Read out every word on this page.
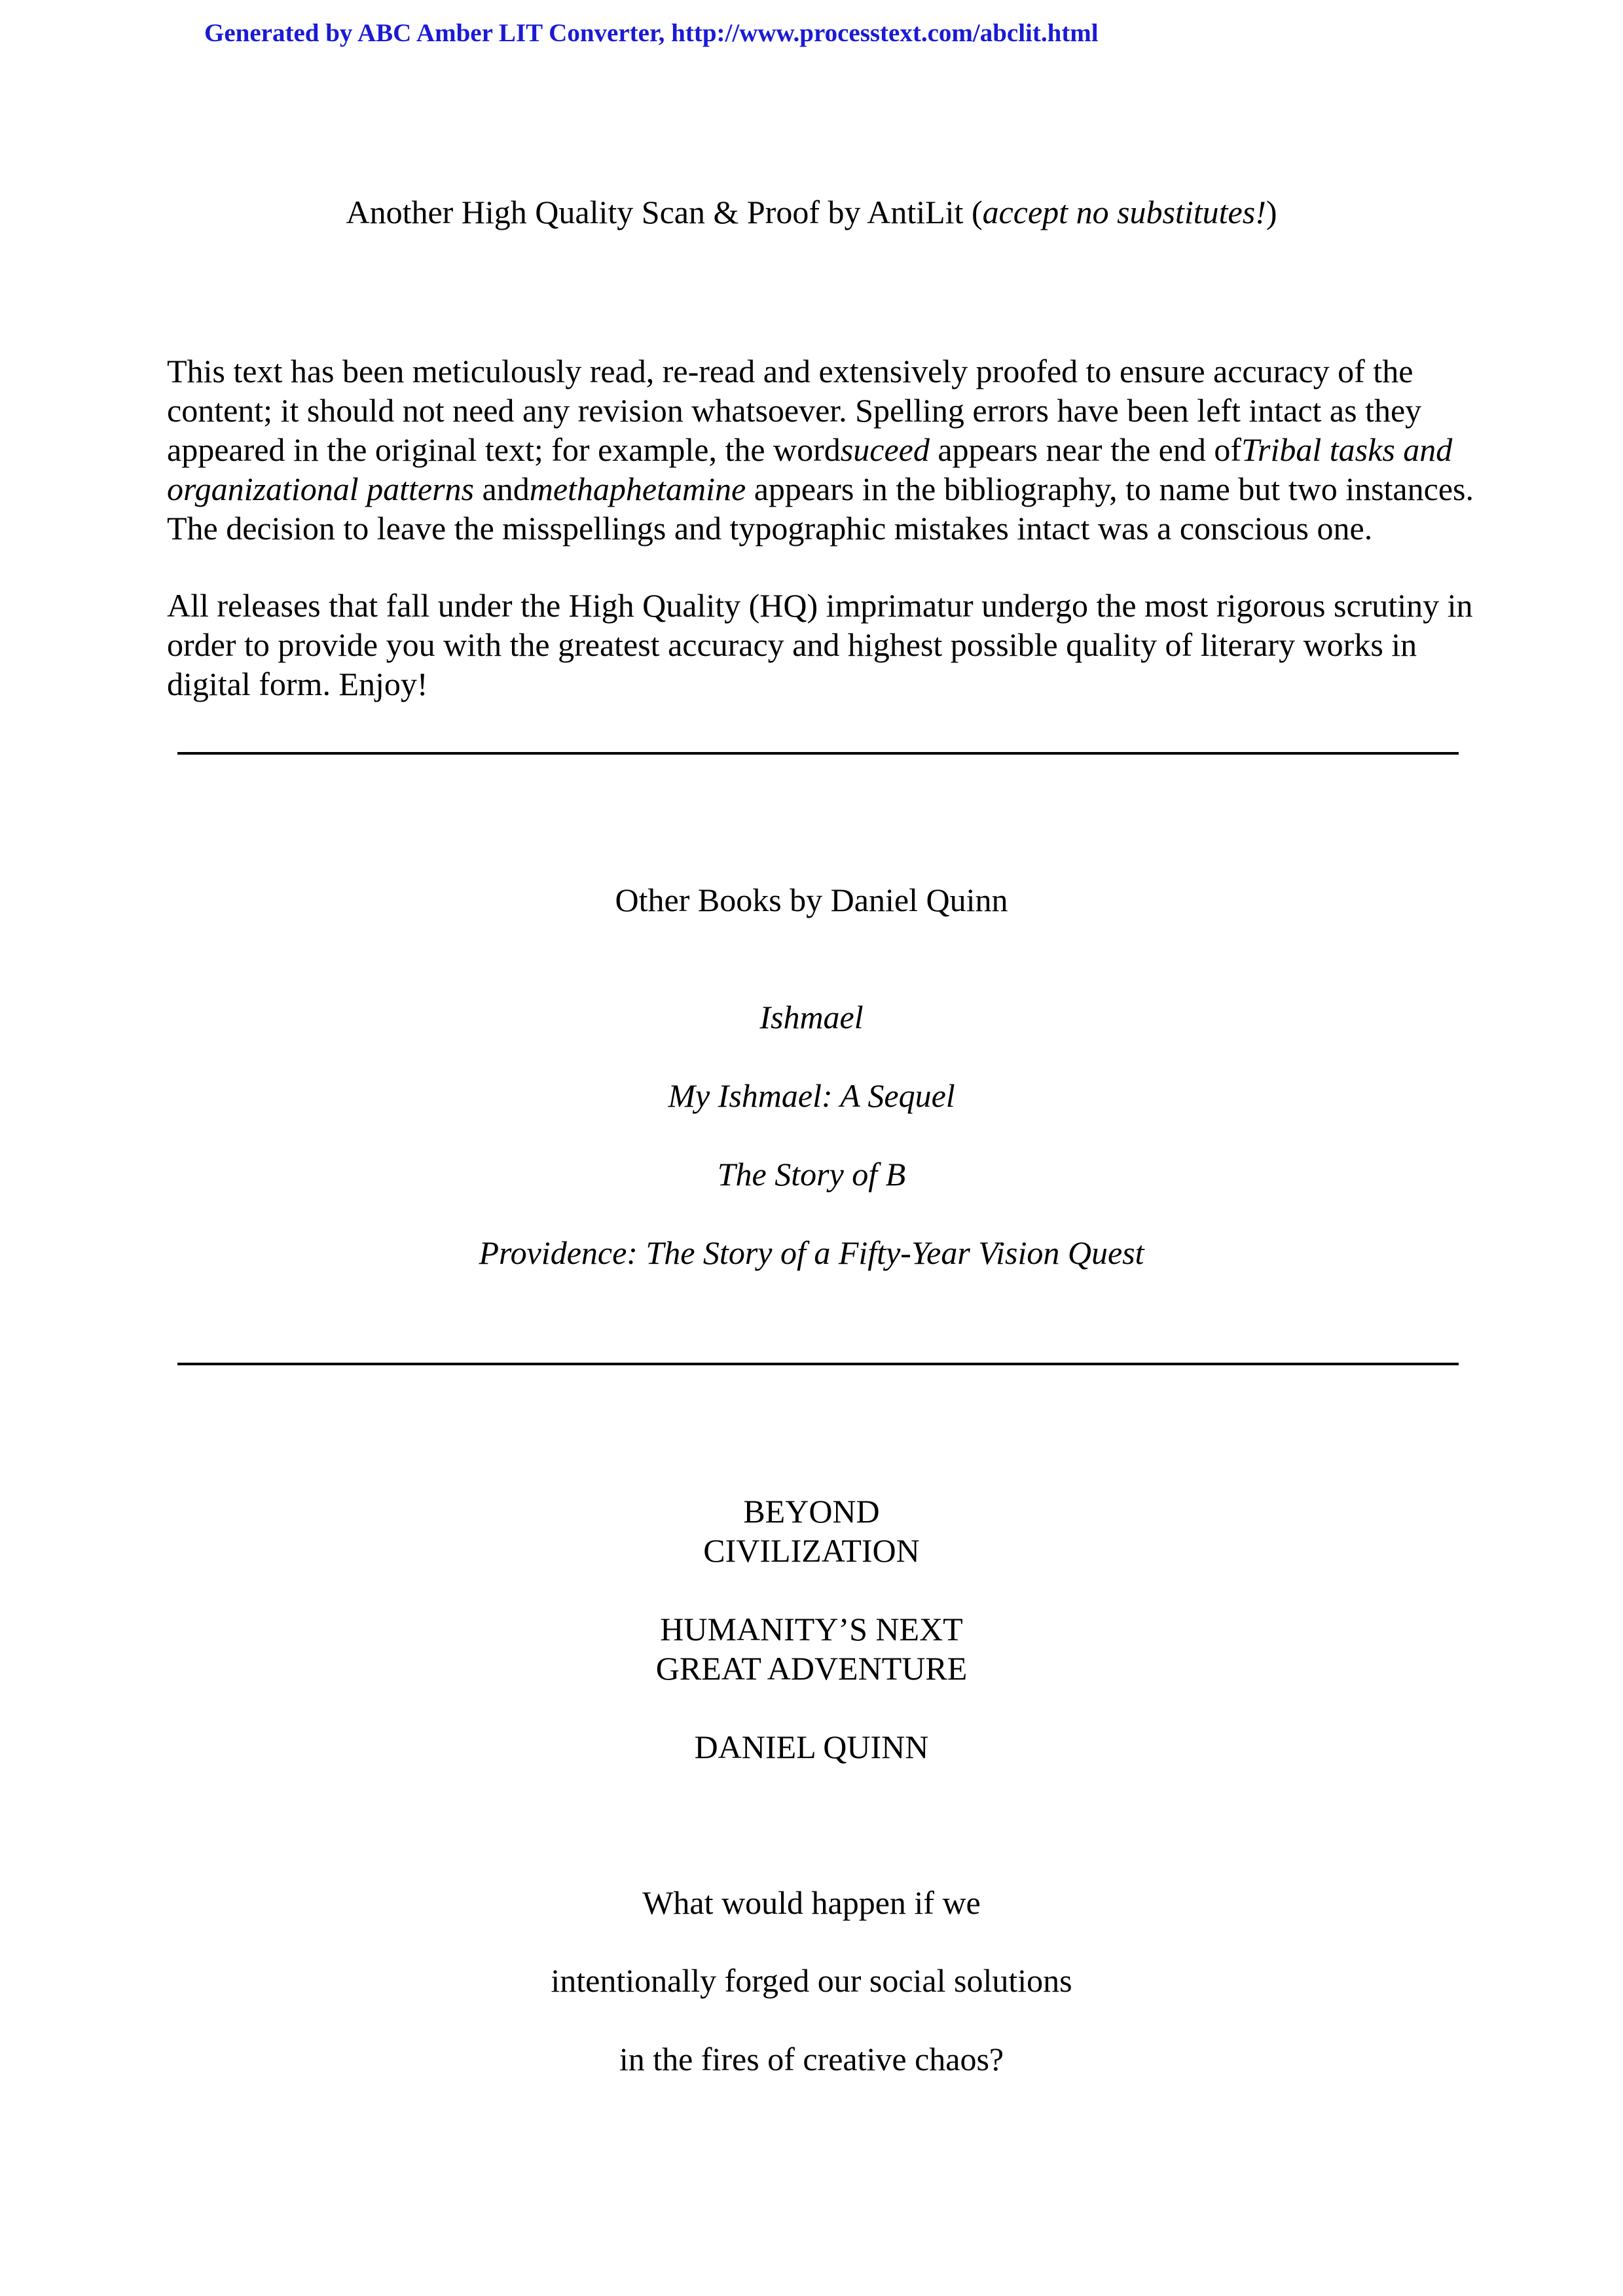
Generated by ABC Amber LIT Converter, http://www.processtext.com/abclit.html
Another High Quality Scan & Proof by AntiLit (accept no substitutes!)

This text has been meticulously read, re-read and extensively proofed to ensure accuracy of the content; it should not need any revision whatsoever. Spelling errors have been left intact as they appeared in the original text; for example, the wordsuceed appears near the end ofTribal tasks and organizational patterns andmethaphetamine appears in the bibliography, to name but two instances. The decision to leave the misspellings and typographic mistakes intact was a conscious one.

All releases that fall under the High Quality (HQ) imprimatur undergo the most rigorous scrutiny in order to provide you with the greatest accuracy and highest possible quality of literary works in digital form. Enjoy!

Other Books by Daniel Quinn
Ishmael
My Ishmael: A Sequel
The Story of B
Providence: The Story of a Fifty-Year Vision Quest
BEYOND
CIVILIZATION
HUMANITY’S NEXT
GREAT ADVENTURE
DANIEL QUINN
What would happen if we
intentionally forged our social solutions
in the fires of creative chaos?
